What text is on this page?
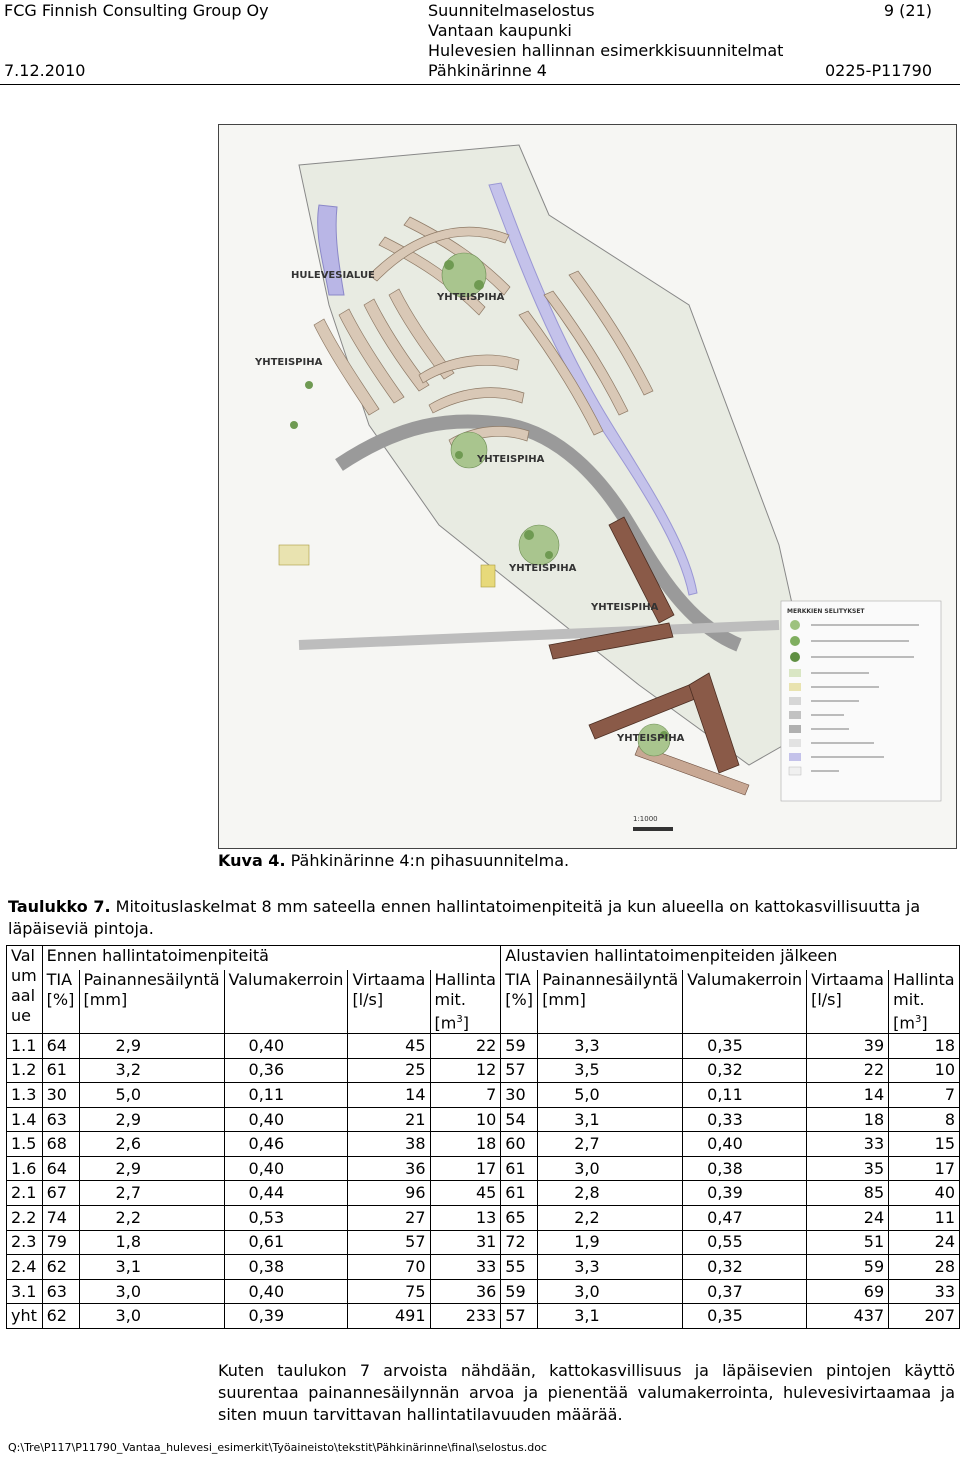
FCG Finnish Consulting Group Oy	Suunnitelmaselostus
Vantaan kaupunki
Hulevesien hallinnan esimerkkisuunnitelmat
9 (21)
7.12.2010	Pähkinärinne 4	0225-P11790
HULEVESIALUE
YHTEISPIHA
YHTEISPIHA
YHTEISPIHA
YHTEISPIHA
YHTEISPIHA
YHTEISPIHA
MERKKIEN SELITYKSET
1:1000
Kuva 4. Pähkinärinne 4:n pihasuunnitelma.
Taulukko 7. Mitoituslaskelmat 8 mm sateella ennen hallintatoimenpiteitä ja kun alueella on kattokasvillisuutta ja läpäiseviä pintoja.
Valumaalue	Ennen hallintatoimenpiteitä					Alustavien hallintatoimenpiteiden jälkeen				
	TIA [%]	Painannesäilyntä [mm]	Valumakerroin	Virtaama [l/s]	Hallinta mit. $[m^3]$	TIA [%]	Painannesäilyntä [mm]	Valumakerroin	Virtaama [l/s]	Hallinta mit. $[m^3]$
1.1	64	2,9	0,40	45	22	59	3,3	0,35	39	18
1.2	61	3,2	0,36	25	12	57	3,5	0,32	22	10
1.3	30	5,0	0,11	14	7	30	5,0	0,11	14	7
1.4	63	2,9	0,40	21	10	54	3,1	0,33	18	8
1.5	68	2,6	0,46	38	18	60	2,7	0,40	33	15
1.6	64	2,9	0,40	36	17	61	3,0	0,38	35	17
2.1	67	2,7	0,44	96	45	61	2,8	0,39	85	40
2.2	74	2,2	0,53	27	13	65	2,2	0,47	24	11
2.3	79	1,8	0,61	57	31	72	1,9	0,55	51	24
2.4	62	3,1	0,38	70	33	55	3,3	0,32	59	28
3.1	63	3,0	0,40	75	36	59	3,0	0,37	69	33
yht	62	3,0	0,39	491	233	57	3,1	0,35	437	207
Kuten taulukon 7 arvoista nähdään, kattokasvillisuus ja läpäisevien pintojen käyttö suurentaa painannesäilynnän arvoa ja pienentää valumakerrointa, hulevesivirtaamaa ja siten muun tarvittavan hallintatilavuuden määrää.
Q:\Tre\P117\P11790_Vantaa_hulevesi_esimerkit\Työaineisto\tekstit\Pähkinärinne\final\selostus.doc
